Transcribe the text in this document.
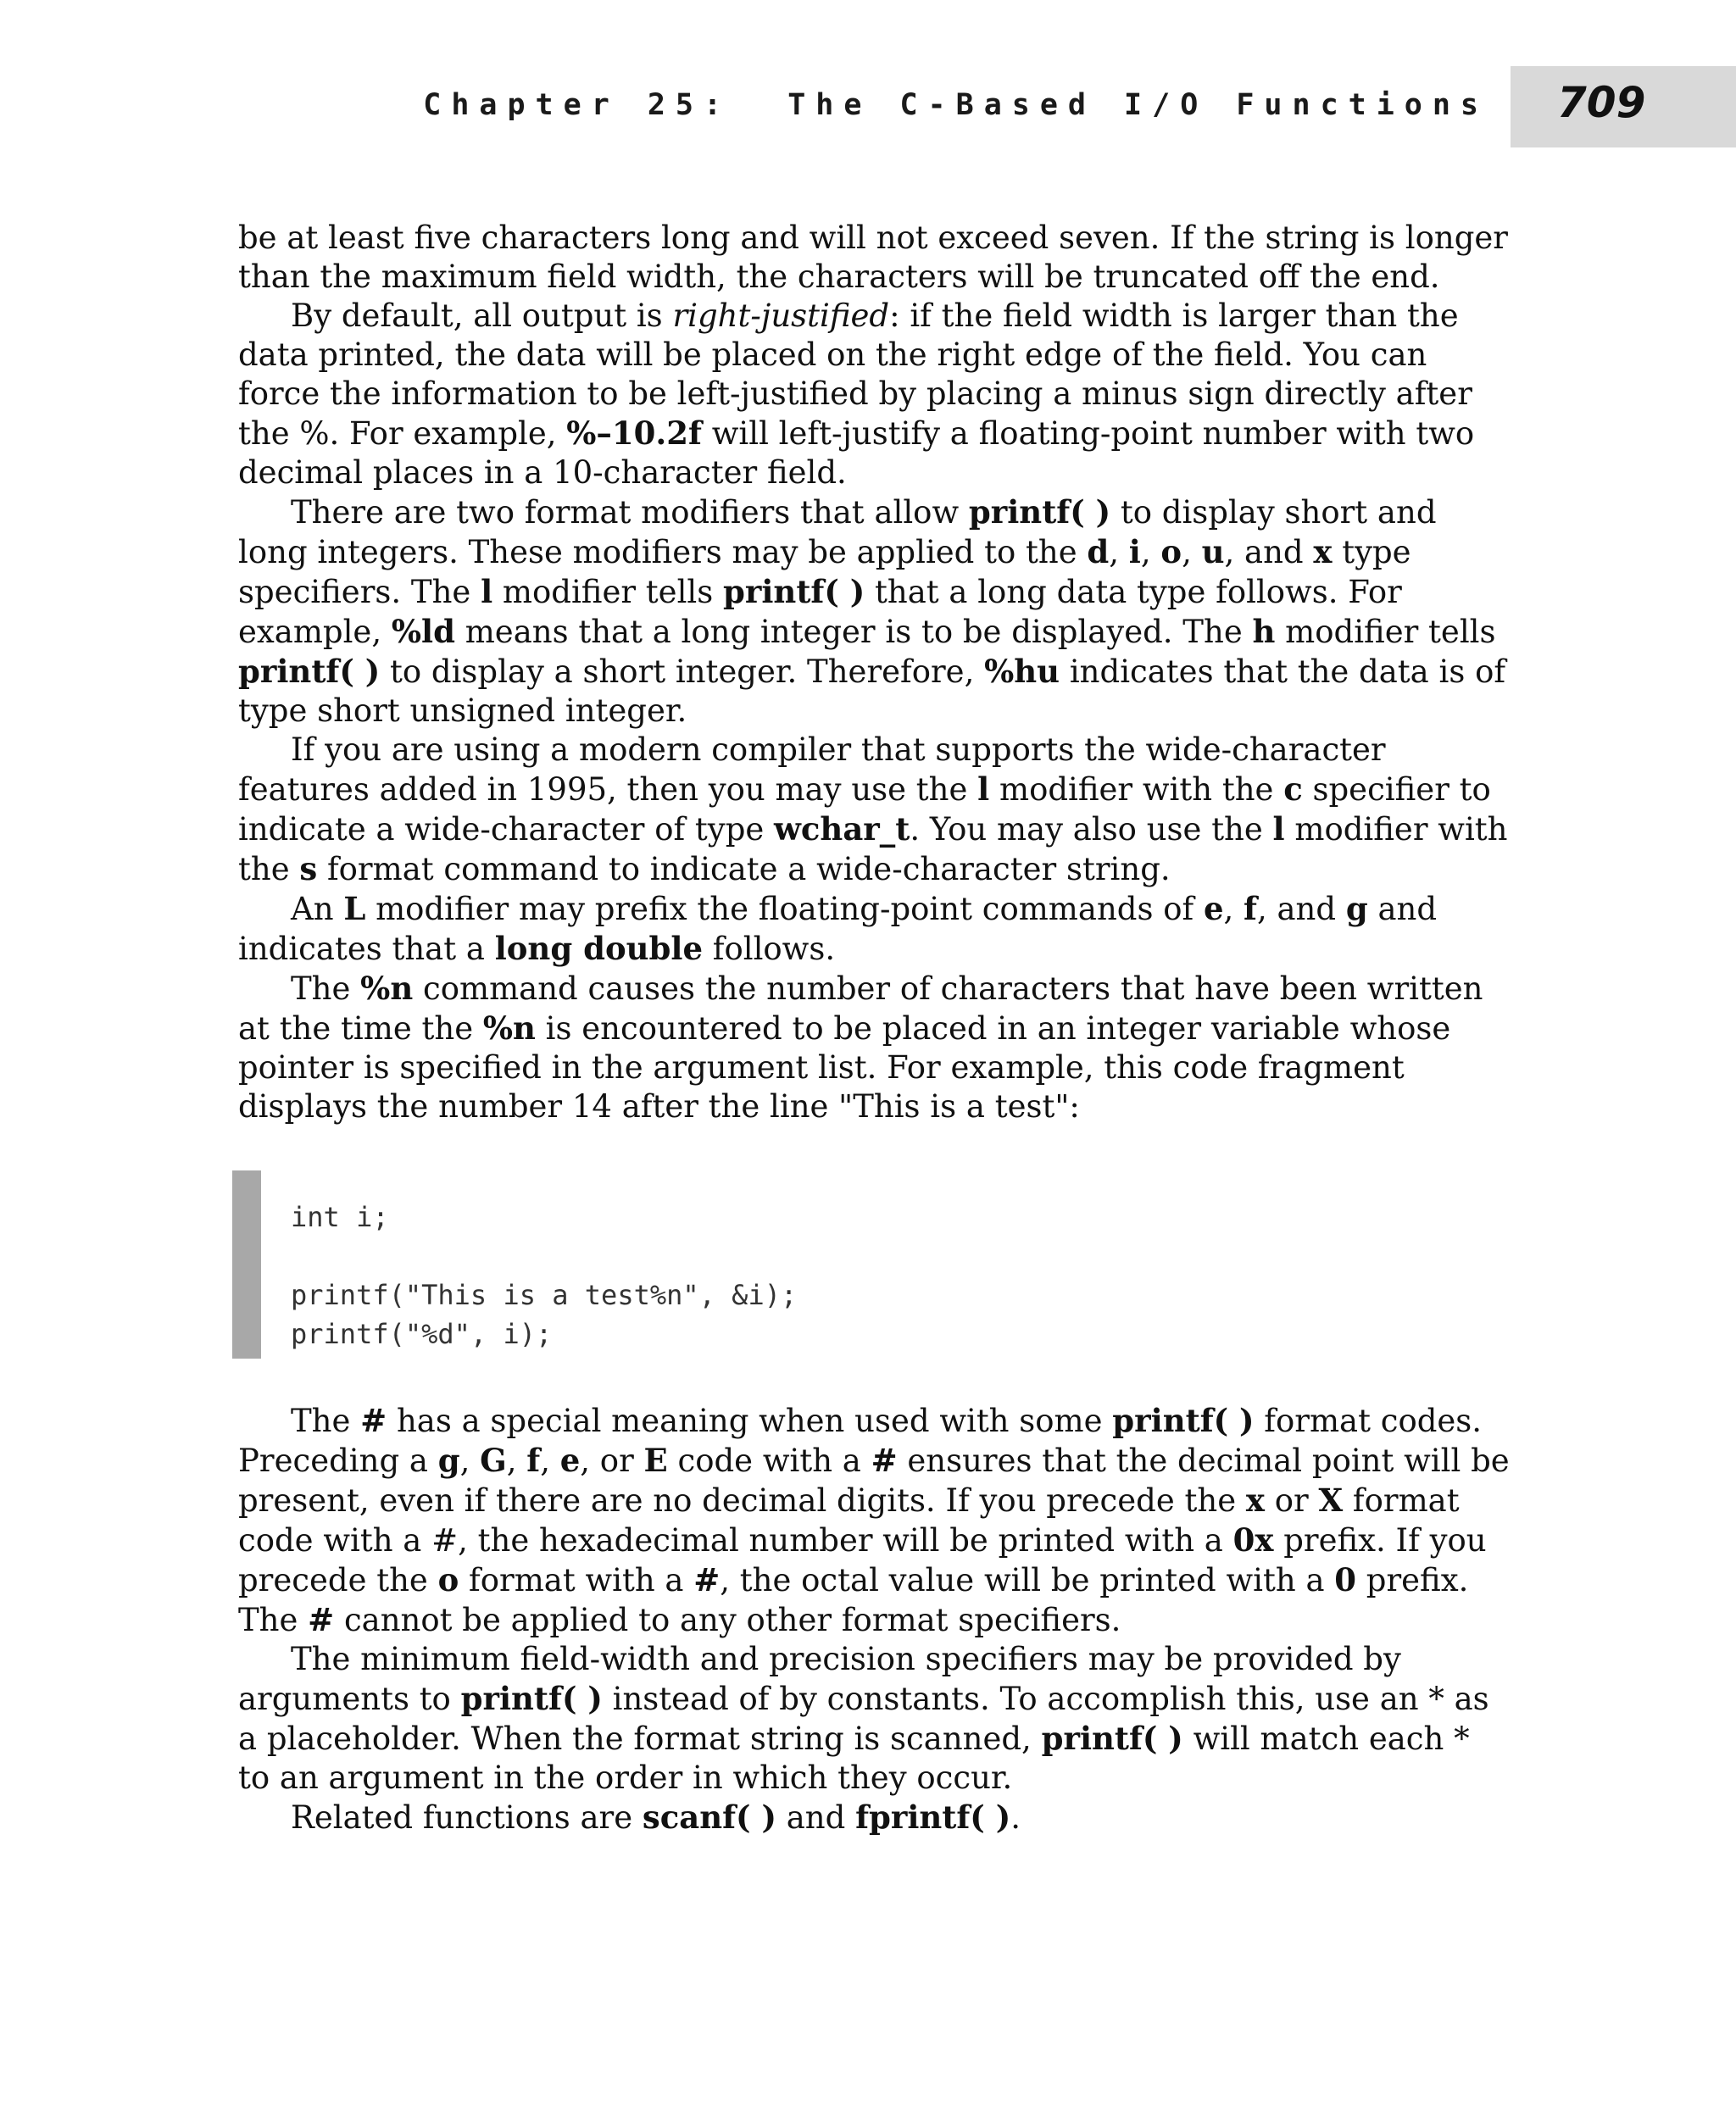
Chapter 25:  The C-Based I/O Functions 709

be at least five characters long and will not exceed seven. If the string is longer than the maximum field width, the characters will be truncated off the end.

By default, all output is right-justified: if the field width is larger than the data printed, the data will be placed on the right edge of the field. You can force the information to be left-justified by placing a minus sign directly after the %. For example, %–10.2f will left-justify a floating-point number with two decimal places in a 10-character field.

There are two format modifiers that allow printf( ) to display short and long integers. These modifiers may be applied to the d, i, o, u, and x type specifiers. The l modifier tells printf( ) that a long data type follows. For example, %ld means that a long integer is to be displayed. The h modifier tells printf( ) to display a short integer. Therefore, %hu indicates that the data is of type short unsigned integer.

If you are using a modern compiler that supports the wide-character features added in 1995, then you may use the l modifier with the c specifier to indicate a wide-character of type wchar_t. You may also use the l modifier with the s format command to indicate a wide-character string.

An L modifier may prefix the floating-point commands of e, f, and g and indicates that a long double follows.

The %n command causes the number of characters that have been written at the time the %n is encountered to be placed in an integer variable whose pointer is specified in the argument list. For example, this code fragment displays the number 14 after the line "This is a test":

int i;
printf("This is a test%n", &i);
printf("%d", i);

The # has a special meaning when used with some printf( ) format codes. Preceding a g, G, f, e, or E code with a # ensures that the decimal point will be present, even if there are no decimal digits. If you precede the x or X format code with a #, the hexadecimal number will be printed with a 0x prefix. If you precede the o format with a #, the octal value will be printed with a 0 prefix. The # cannot be applied to any other format specifiers.

The minimum field-width and precision specifiers may be provided by arguments to printf( ) instead of by constants. To accomplish this, use an * as a placeholder. When the format string is scanned, printf( ) will match each * to an argument in the order in which they occur.

Related functions are scanf( ) and fprintf( ).
